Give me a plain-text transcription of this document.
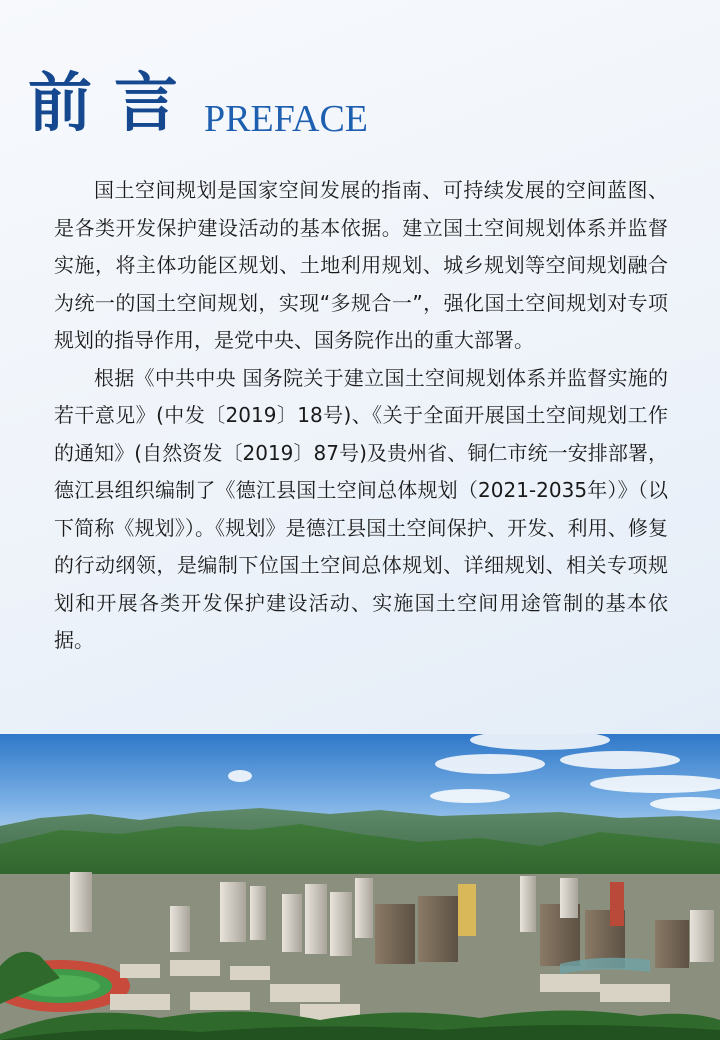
前言 PREFACE

国土空间规划是国家空间发展的指南、可持续发展的空间蓝图、是各类开发保护建设活动的基本依据。建立国土空间规划体系并监督实施，将主体功能区规划、土地利用规划、城乡规划等空间规划融合为统一的国土空间规划，实现“多规合一”，强化国土空间规划对专项规划的指导作用，是党中央、国务院作出的重大部署。

根据《中共中央 国务院关于建立国土空间规划体系并监督实施的若干意见》(中发〔2019〕18号)、《关于全面开展国土空间规划工作的通知》(自然资发〔2019〕87号)及贵州省、铜仁市统一安排部署，德江县组织编制了《德江县国土空间总体规划（2021-2035年）》（以下简称《规划》）。《规划》是德江县国土空间保护、开发、利用、修复的行动纲领，是编制下位国土空间总体规划、详细规划、相关专项规划和开展各类开发保护建设活动、实施国土空间用途管制的基本依据。
